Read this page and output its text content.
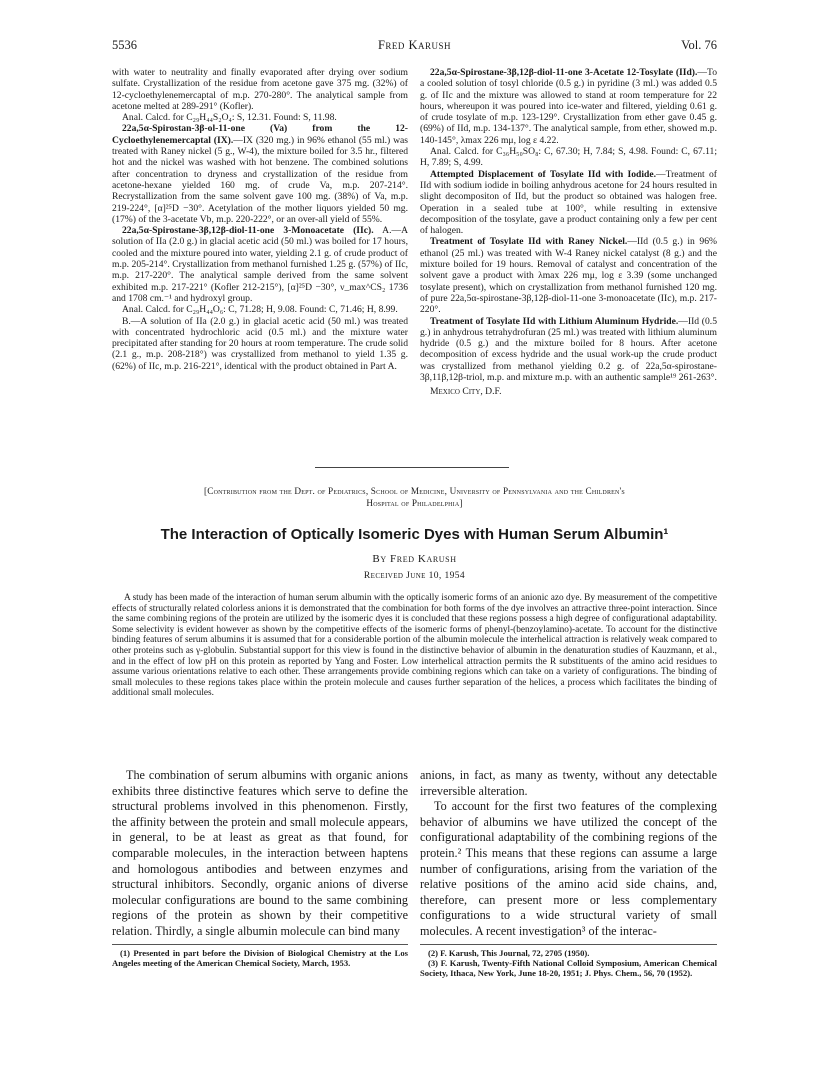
5536	Fred Karush	Vol. 76

with water to neutrality and finally evaporated after drying over sodium sulfate. Crystallization of the residue from acetone gave 375 mg. (32%) of 12-cycloethylenemercaptal of m.p. 270-280°. The analytical sample from acetone melted at 289-291° (Kofler).

Anal. Calcd. for C₂₉H₄₄S₂O₄: S, 12.31. Found: S, 11.98.

22a,5α-Spirostan-3β-ol-11-one (Va) from the 12-Cycloethylenemercaptal (IX).—IX (320 mg.) in 96% ethanol (55 ml.) was treated with Raney nickel (5 g., W-4), the mixture boiled for 3.5 hr., filtered hot and the nickel was washed with hot benzene. The combined solutions after concentration to dryness and crystallization of the residue from acetone-hexane yielded 160 mg. of crude Va, m.p. 207-214°. Recrystallization from the same solvent gave 100 mg. (38%) of Va, m.p. 219-224°, [α]²⁵D −30°. Acetylation of the mother liquors yielded 50 mg. (17%) of the 3-acetate Vb, m.p. 220-222°, or an over-all yield of 55%.

22a,5α-Spirostane-3β,12β-diol-11-one 3-Monoacetate (IIc). A.—A solution of IIa (2.0 g.) in glacial acetic acid (50 ml.) was boiled for 17 hours, cooled and the mixture poured into water, yielding 2.1 g. of crude product of m.p. 205-214°. Crystallization from methanol furnished 1.25 g. (57%) of IIc, m.p. 217-220°. The analytical sample derived from the same solvent exhibited m.p. 217-221° (Kofler 212-215°), [α]²⁵D −30°, ν_max^CS₂ 1736 and 1708 cm.⁻¹ and hydroxyl group.

Anal. Calcd. for C₂₉H₄₄O₆: C, 71.28; H, 9.08. Found: C, 71.46; H, 8.99.

B.—A solution of IIa (2.0 g.) in glacial acetic acid (50 ml.) was treated with concentrated hydrochloric acid (0.5 ml.) and the mixture water precipitated after standing for 20 hours at room temperature. The crude solid (2.1 g., m.p. 208-218°) was crystallized from methanol to yield 1.35 g. (62%) of IIc, m.p. 216-221°, identical with the product obtained in Part A.

22a,5α-Spirostane-3β,12β-diol-11-one 3-Acetate 12-Tosylate (IId).—To a cooled solution of tosyl chloride (0.5 g.) in pyridine (3 ml.) was added 0.5 g. of IIc and the mixture was allowed to stand at room temperature for 22 hours, whereupon it was poured into ice-water and filtered, yielding 0.61 g. of crude tosylate of m.p. 123-129°. Crystallization from ether gave 0.45 g. (69%) of IId, m.p. 134-137°. The analytical sample, from ether, showed m.p. 140-145°, λmax 226 mμ, log ε 4.22.

Anal. Calcd. for C₃₆H₅₀SO₈: C, 67.30; H, 7.84; S, 4.98. Found: C, 67.11; H, 7.89; S, 4.99.

Attempted Displacement of Tosylate IId with Iodide.—Treatment of IId with sodium iodide in boiling anhydrous acetone for 24 hours resulted in slight decompositon of IId, but the product so obtained was halogen free. Operation in a sealed tube at 100°, while resulting in extensive decomposition of the tosylate, gave a product containing only a few per cent of halogen.

Treatment of Tosylate IId with Raney Nickel.—IId (0.5 g.) in 96% ethanol (25 ml.) was treated with W-4 Raney nickel catalyst (8 g.) and the mixture boiled for 19 hours. Removal of catalyst and concentration of the solvent gave a product with λmax 226 mμ, log ε 3.39 (some unchanged tosylate present), which on crystallization from methanol furnished 120 mg. of pure 22a,5α-spirostane-3β,12β-diol-11-one 3-monoacetate (IIc), m.p. 217-220°.

Treatment of Tosylate IId with Lithium Aluminum Hydride.—IId (0.5 g.) in anhydrous tetrahydrofuran (25 ml.) was treated with lithium aluminum hydride (0.5 g.) and the mixture boiled for 8 hours. After acetone decomposition of excess hydride and the usual work-up the crude product was crystallized from methanol yielding 0.2 g. of 22a,5α-spirostane-3β,11β,12β-triol, m.p. and mixture m.p. with an authentic sample¹⁹ 261-263°.

Mexico City, D.F.

[Contribution from the Dept. of Pediatrics, School of Medicine, University of Pennsylvania and the Children's
Hospital of Philadelphia]
The Interaction of Optically Isomeric Dyes with Human Serum Albumin¹
By Fred Karush
Received June 10, 1954
A study has been made of the interaction of human serum albumin with the optically isomeric forms of an anionic azo dye. By measurement of the competitive effects of structurally related colorless anions it is demonstrated that the combination for both forms of the dye involves an attractive three-point interaction. Since the same combining regions of the protein are utilized by the isomeric dyes it is concluded that these regions possess a high degree of configurational adaptability. Some selectivity is evident however as shown by the competitive effects of the isomeric forms of phenyl-(benzoylamino)-acetate. To account for the distinctive binding features of serum albumins it is assumed that for a considerable portion of the albumin molecule the interhelical attraction is relatively weak compared to other proteins such as γ-globulin. Substantial support for this view is found in the distinctive behavior of albumin in the denaturation studies of Kauzmann, et al., and in the effect of low pH on this protein as reported by Yang and Foster. Low interhelical attraction permits the R substituents of the amino acid residues to assume various orientations relative to each other. These arrangements provide combining regions which can take on a variety of configurations. The binding of small molecules to these regions takes place within the protein molecule and causes further separation of the helices, a process which facilitates the binding of additional small molecules.

The combination of serum albumins with organic anions exhibits three distinctive features which serve to define the structural problems involved in this phenomenon. Firstly, the affinity between the protein and small molecule appears, in general, to be at least as great as that found, for comparable molecules, in the interaction between haptens and homologous antibodies and between enzymes and structural inhibitors. Secondly, organic anions of diverse molecular configurations are bound to the same combining regions of the protein as shown by their competitive relation. Thirdly, a single albumin molecule can bind many

(1) Presented in part before the Division of Biological Chemistry at the Los Angeles meeting of the American Chemical Society, March, 1953.

anions, in fact, as many as twenty, without any detectable irreversible alteration.

To account for the first two features of the complexing behavior of albumins we have utilized the concept of the configurational adaptability of the combining regions of the protein.² This means that these regions can assume a large number of configurations, arising from the variation of the relative positions of the amino acid side chains, and, therefore, can present more or less complementary configurations to a wide structural variety of small molecules. A recent investigation³ of the interac-

(2) F. Karush, This Journal, 72, 2705 (1950).

(3) F. Karush, Twenty-Fifth National Colloid Symposium, American Chemical Society, Ithaca, New York, June 18-20, 1951; J. Phys. Chem., 56, 70 (1952).
